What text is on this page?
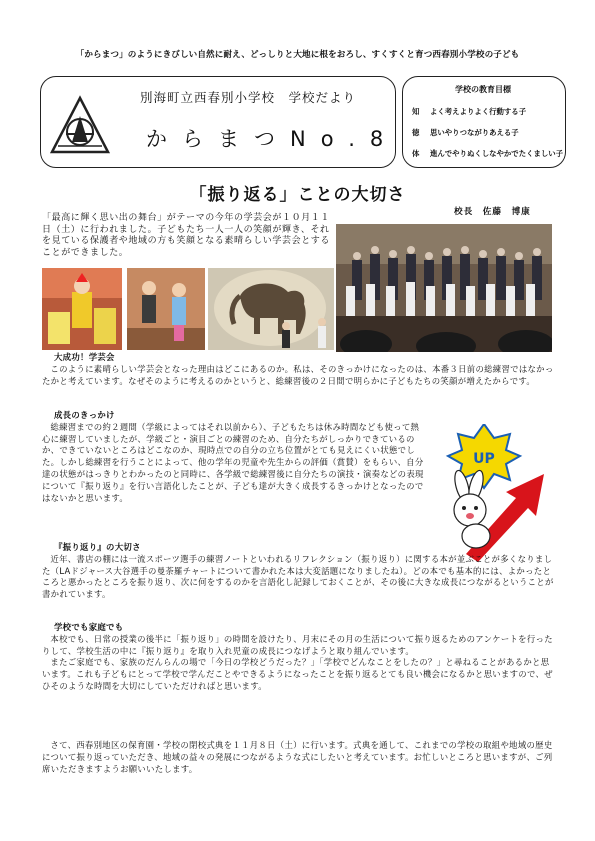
「からまつ」のようにきびしい自然に耐え、どっしりと大地に根をおろし、すくすくと育つ西春別小学校の子ども
別海町立西春別小学校　学校だより
からまつNo.8
学校の教育目標
知 よく考えよりよく行動する子
徳 思いやりつながりあえる子
体 進んでやりぬくしなやかでたくましい子
「振り返る」ことの大切さ
校長　佐藤　博康
「最高に輝く思い出の舞台」がテーマの今年の学芸会が１０月１１日（土）に行われました。子どもたち一人一人の笑顔が輝き、それを見ている保護者や地域の方も笑顔となる素晴らしい学芸会とすることができました。
UP
大成功！学芸会

このように素晴らしい学芸会となった理由はどこにあるのか。私は、そのきっかけになったのは、本番３日前の総練習ではなかったかと考えています。なぜそのように考えるのかというと、総練習後の２日間で明らかに子どもたちの笑顔が増えたからです。

成長のきっかけ

総練習までの約２週間（学級によってはそれ以前から）、子どもたちは休み時間なども使って熱心に練習していましたが、学級ごと・演目ごとの練習のため、自分たちがしっかりできているのか、できていないところはどこなのか、現時点での自分の立ち位置がとても見えにくい状態でした。しかし総練習を行うことによって、他の学年の児童や先生からの評価（賞賛）をもらい、自分達の状態がはっきりとわかったのと同時に、各学級で総練習後に自分たちの演技・演奏などの表現について『振り返り』を行い言語化したことが、子ども達が大きく成長するきっかけとなったのではないかと思います。

『振り返り』の大切さ

近年、書店の棚には一流スポーツ選手の練習ノートといわれるリフレクション（振り返り）に関する本が並ぶことが多くなりました（LAドジャース大谷選手の曼荼羅チャートについて書かれた本は大変話題になりましたね）。どの本でも基本的には、よかったところと悪かったところを振り返り、次に何をするのかを言語化し記録しておくことが、その後に大きな成長につながるということが書かれています。

学校でも家庭でも

本校でも、日常の授業の後半に「振り返り」の時間を設けたり、月末にその月の生活について振り返るためのアンケートを行ったりして、学校生活の中に『振り返り』を取り入れ児童の成長につなげようと取り組んでいます。

またご家庭でも、家族のだんらんの場で「今日の学校どうだった？」「学校でどんなことをしたの？」と尋ねることがあるかと思います。これも子どもにとって学校で学んだことやできるようになったことを振り返るとても良い機会になるかと思いますので、ぜひそのような時間を大切にしていただければと思います。

さて、西春別地区の保育園・学校の閉校式典を１１月８日（土）に行います。式典を通して、これまでの学校の取組や地域の歴史について振り返っていただき、地域の益々の発展につながるような式にしたいと考えています。お忙しいところと思いますが、ご列席いただきますようお願いいたします。
